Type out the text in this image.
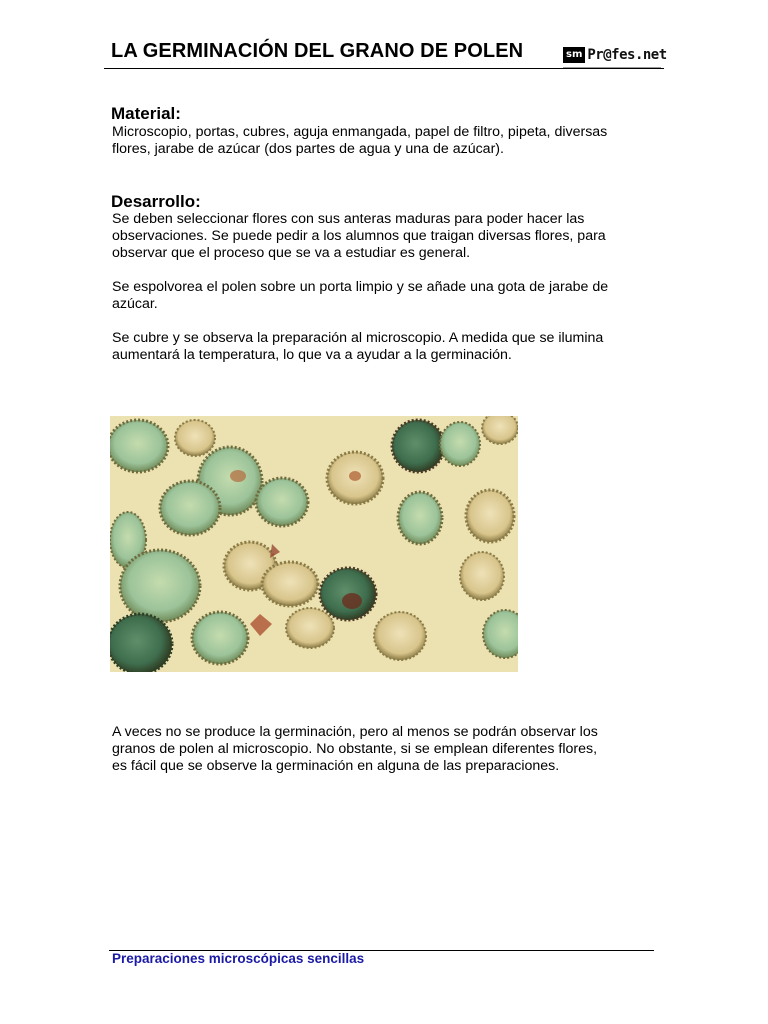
LA GERMINACIÓN DEL GRANO DE POLEN	sm Pr@fes.net
Material:

Microscopio, portas, cubres, aguja enmangada, papel de filtro, pipeta, diversas
flores, jarabe de azúcar (dos partes de agua y una de azúcar).

Desarrollo:

Se deben seleccionar flores con sus anteras maduras para poder hacer las
observaciones. Se puede pedir a los alumnos que traigan diversas flores, para
observar que el proceso que se va a estudiar es general.

Se espolvorea el polen sobre un porta limpio y se añade una gota de jarabe de
azúcar.

Se cubre y se observa la preparación al microscopio. A medida que se ilumina
aumentará la temperatura, lo que va a ayudar a la germinación.

A veces no se produce la germinación, pero al menos se podrán observar los
granos de polen al microscopio. No obstante, si se emplean diferentes flores,
es fácil que se observe la germinación en alguna de las preparaciones.

Preparaciones microscópicas sencillas
